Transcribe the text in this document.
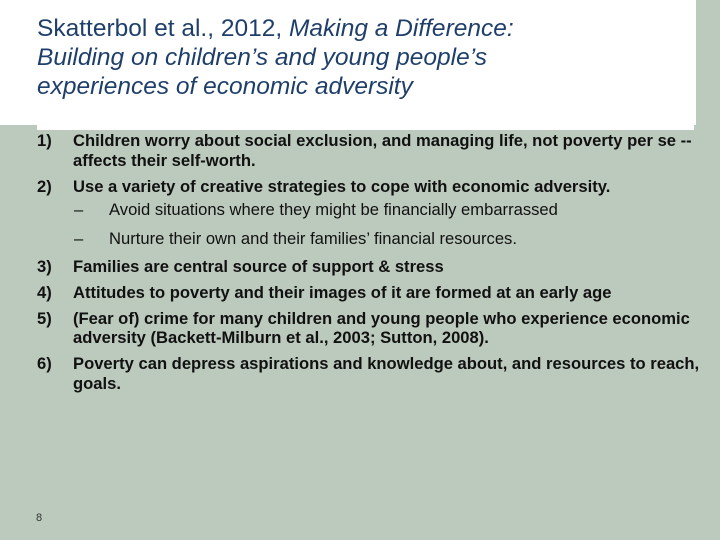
Skatterbol et al., 2012, Making a Difference:
Building on children’s and young people’s
experiences of economic adversity
1) Children worry about social exclusion, and managing life, not poverty per se -- affects their self-worth.
2) Use a variety of creative strategies to cope with economic adversity.
– Avoid situations where they might be financially embarrassed
– Nurture their own and their families’ financial resources.
3) Families are central source of support & stress
4) Attitudes to poverty and their images of it are formed at an early age
5) (Fear of) crime for many children and young people who experience economic adversity (Backett-Milburn et al., 2003; Sutton, 2008).
6) Poverty can depress aspirations and knowledge about, and resources to reach, goals.
8
